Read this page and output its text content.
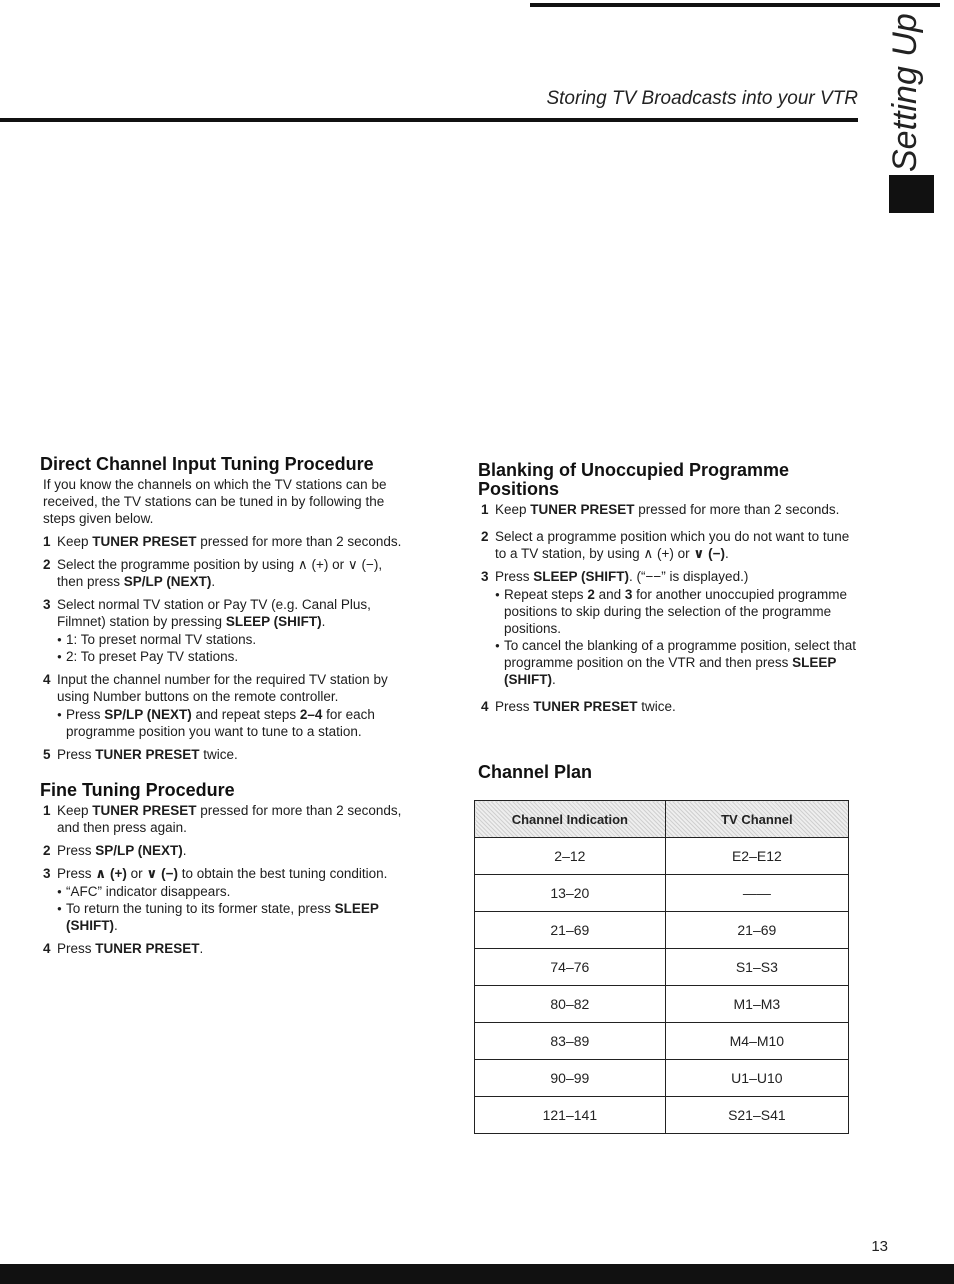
Storing TV Broadcasts into your VTR Setting Up
Direct Channel Input Tuning Procedure

If you know the channels on which the TV stations can be received, the TV stations can be tuned in by following the steps given below.

1 Keep TUNER PRESET pressed for more than 2 seconds.
2 Select the programme position by using ∧ (+) or ∨ (−), then press SP/LP (NEXT).
3 Select normal TV station or Pay TV (e.g. Canal Plus, Filmnet) station by pressing SLEEP (SHIFT).
● 1: To preset normal TV stations.
● 2: To preset Pay TV stations.
4 Input the channel number for the required TV station by using Number buttons on the remote controller.
● Press SP/LP (NEXT) and repeat steps 2–4 for each programme position you want to tune to a station.
5 Press TUNER PRESET twice.
Fine Tuning Procedure
1 Keep TUNER PRESET pressed for more than 2 seconds, and then press again.
2 Press SP/LP (NEXT).
3 Press ∧ (+) or ∨ (−) to obtain the best tuning condition.
● “AFC” indicator disappears.
● To return the tuning to its former state, press SLEEP (SHIFT).
4 Press TUNER PRESET.
Blanking of Unoccupied Programme Positions
1 Keep TUNER PRESET pressed for more than 2 seconds.
2 Select a programme position which you do not want to tune to a TV station, by using ∧ (+) or ∨ (−).
3 Press SLEEP (SHIFT). (“−−” is displayed.)
● Repeat steps 2 and 3 for another unoccupied programme positions to skip during the selection of the programme positions.
● To cancel the blanking of a programme position, select that programme position on the VTR and then press SLEEP (SHIFT).
4 Press TUNER PRESET twice.
Channel Plan
Channel Indication	TV Channel
2–12	E2–E12
13–20	——
21–69	21–69
74–76	S1–S3
80–82	M1–M3
83–89	M4–M10
90–99	U1–U10
121–141	S21–S41
13
